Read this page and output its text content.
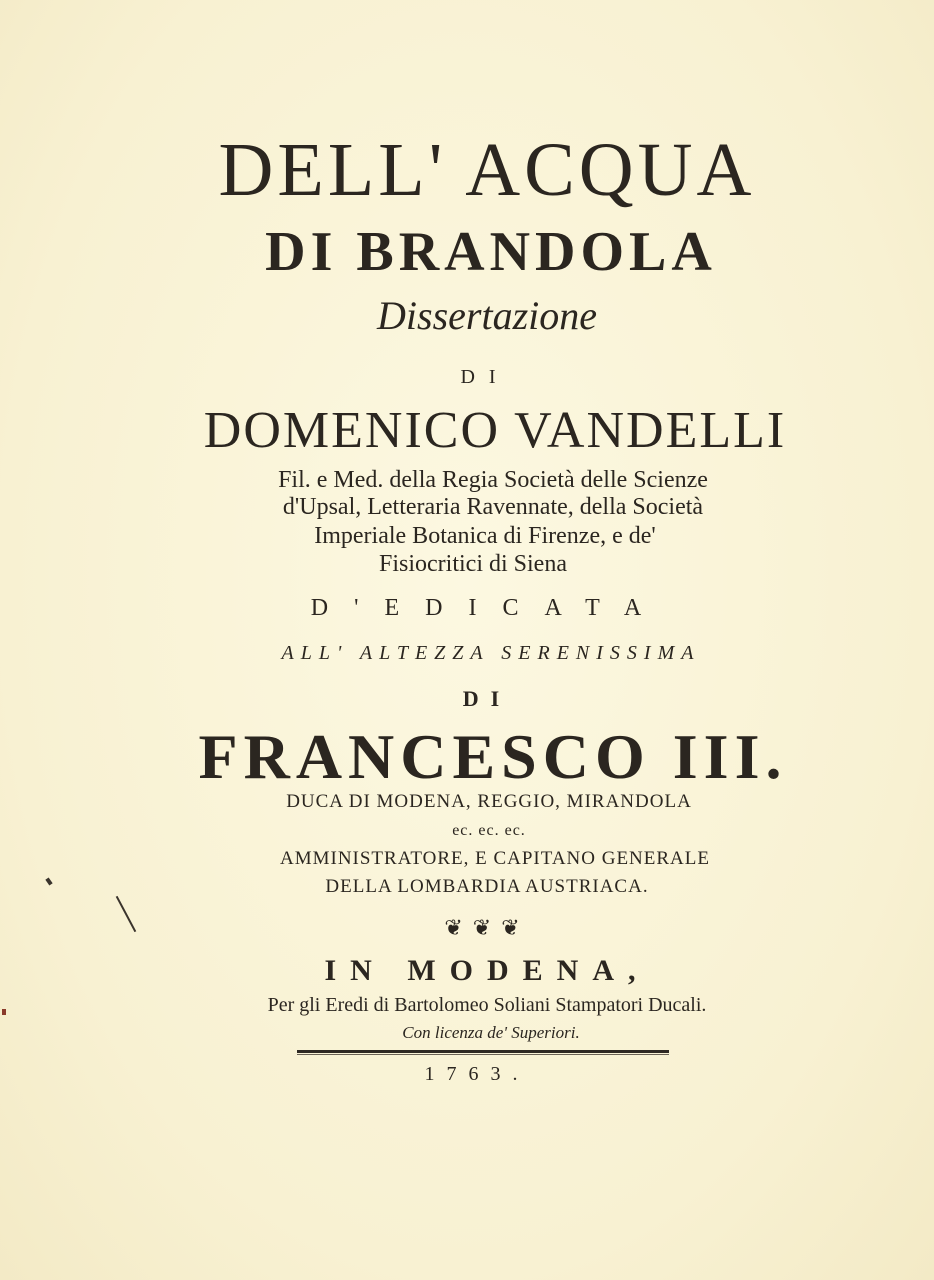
DELL' ACQUA
DI BRANDOLA
Dissertazione
DI
DOMENICO VANDELLI
Fil. e Med. della Regia Società delle Scienze
d'Upsal, Letteraria Ravennate, della Società
Imperiale Botanica di Firenze, e de'
Fisiocritici di Siena
D'EDICATA
ALL' ALTEZZA SERENISSIMA
DI
FRANCESCO III.
DUCA DI MODENA, REGGIO, MIRANDOLA
ec. ec. ec.
AMMINISTRATORE, E CAPITANO GENERALE
DELLA LOMBARDIA AUSTRIACA.
❦❦❦
IN MODENA,
Per gli Eredi di Bartolomeo Soliani Stampatori Ducali.
Con licenza de' Superiori.
1763.
